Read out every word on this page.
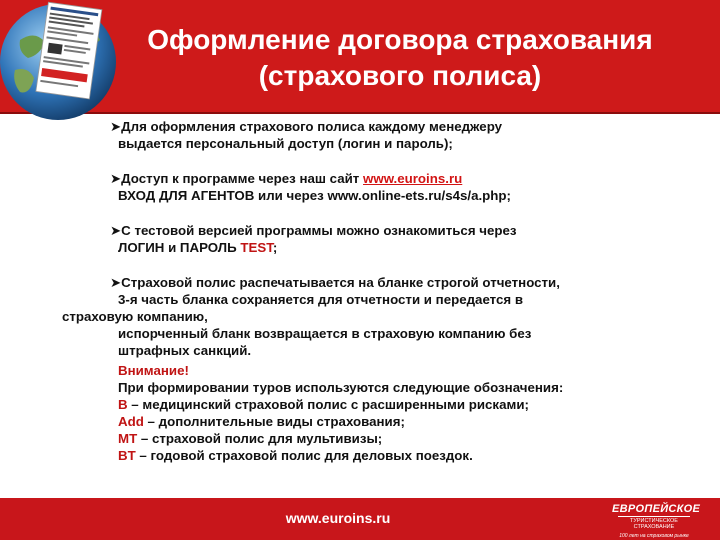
Оформление договора страхования
(страхового полиса)

➤Для оформления страхового полиса каждому менеджеру

выдается персональный доступ (логин и пароль);

➤Доступ к программе через наш сайт www.euroins.ru

ВХОД ДЛЯ АГЕНТОВ или через www.online-ets.ru/s4s/a.php;

➤С тестовой версией программы можно ознакомиться через

ЛОГИН и ПАРОЛЬ TEST;

➤Страховой полис распечатывается на бланке строгой отчетности,

3-я часть бланка сохраняется для отчетности и передается в

страховую компанию,

испорченный бланк возвращается в страховую компанию без

штрафных санкций.

Внимание!

При формировании туров используются следующие обозначения:

B – медицинский страховой полис с расширенными рисками;

Add – дополнительные виды страхования;

MT – страховой полис для мультивизы;

BT – годовой страховой полис для деловых поездок.

www.euroins.ru
ЕВРОПЕЙСКОЕ
ТУРИСТИЧЕСКОЕ СТРАХОВАНИЕ
100 лет на страховом рынке
